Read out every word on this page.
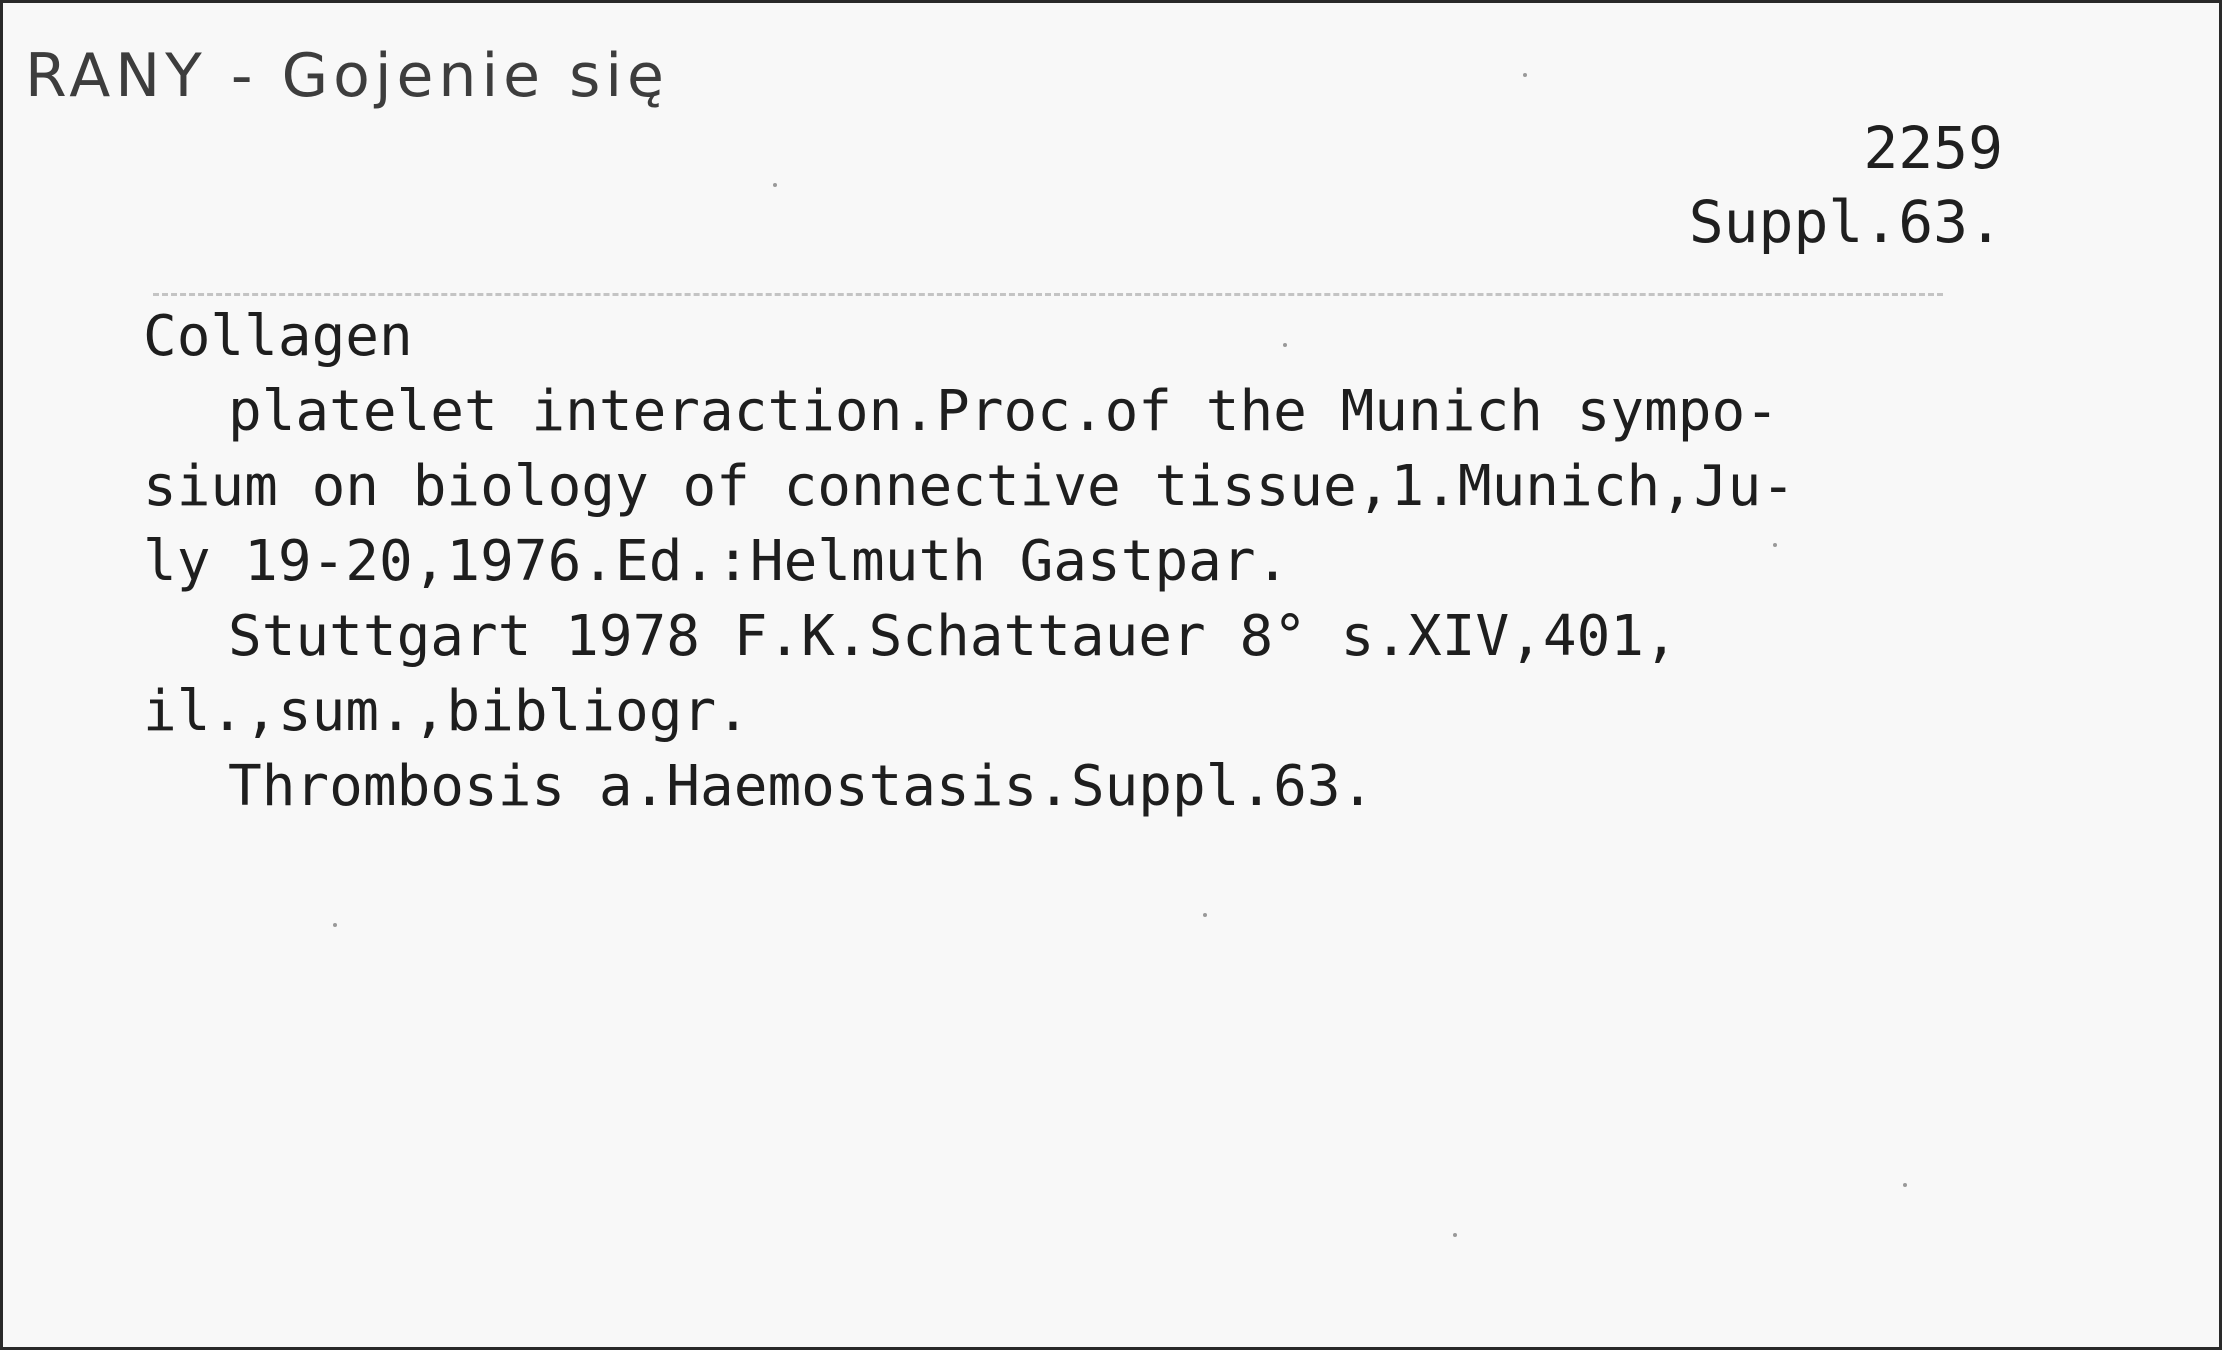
RANY - Gojenie się
2259
Suppl.63.
Collagen
platelet interaction.Proc.of the Munich sympo-
sium on biology of connective tissue,1.Munich,Ju-
ly 19-20,1976.Ed.:Helmuth Gastpar.
Stuttgart 1978 F.K.Schattauer 8° s.XIV,401,
il.,sum.,bibliogr.
Thrombosis a.Haemostasis.Suppl.63.
